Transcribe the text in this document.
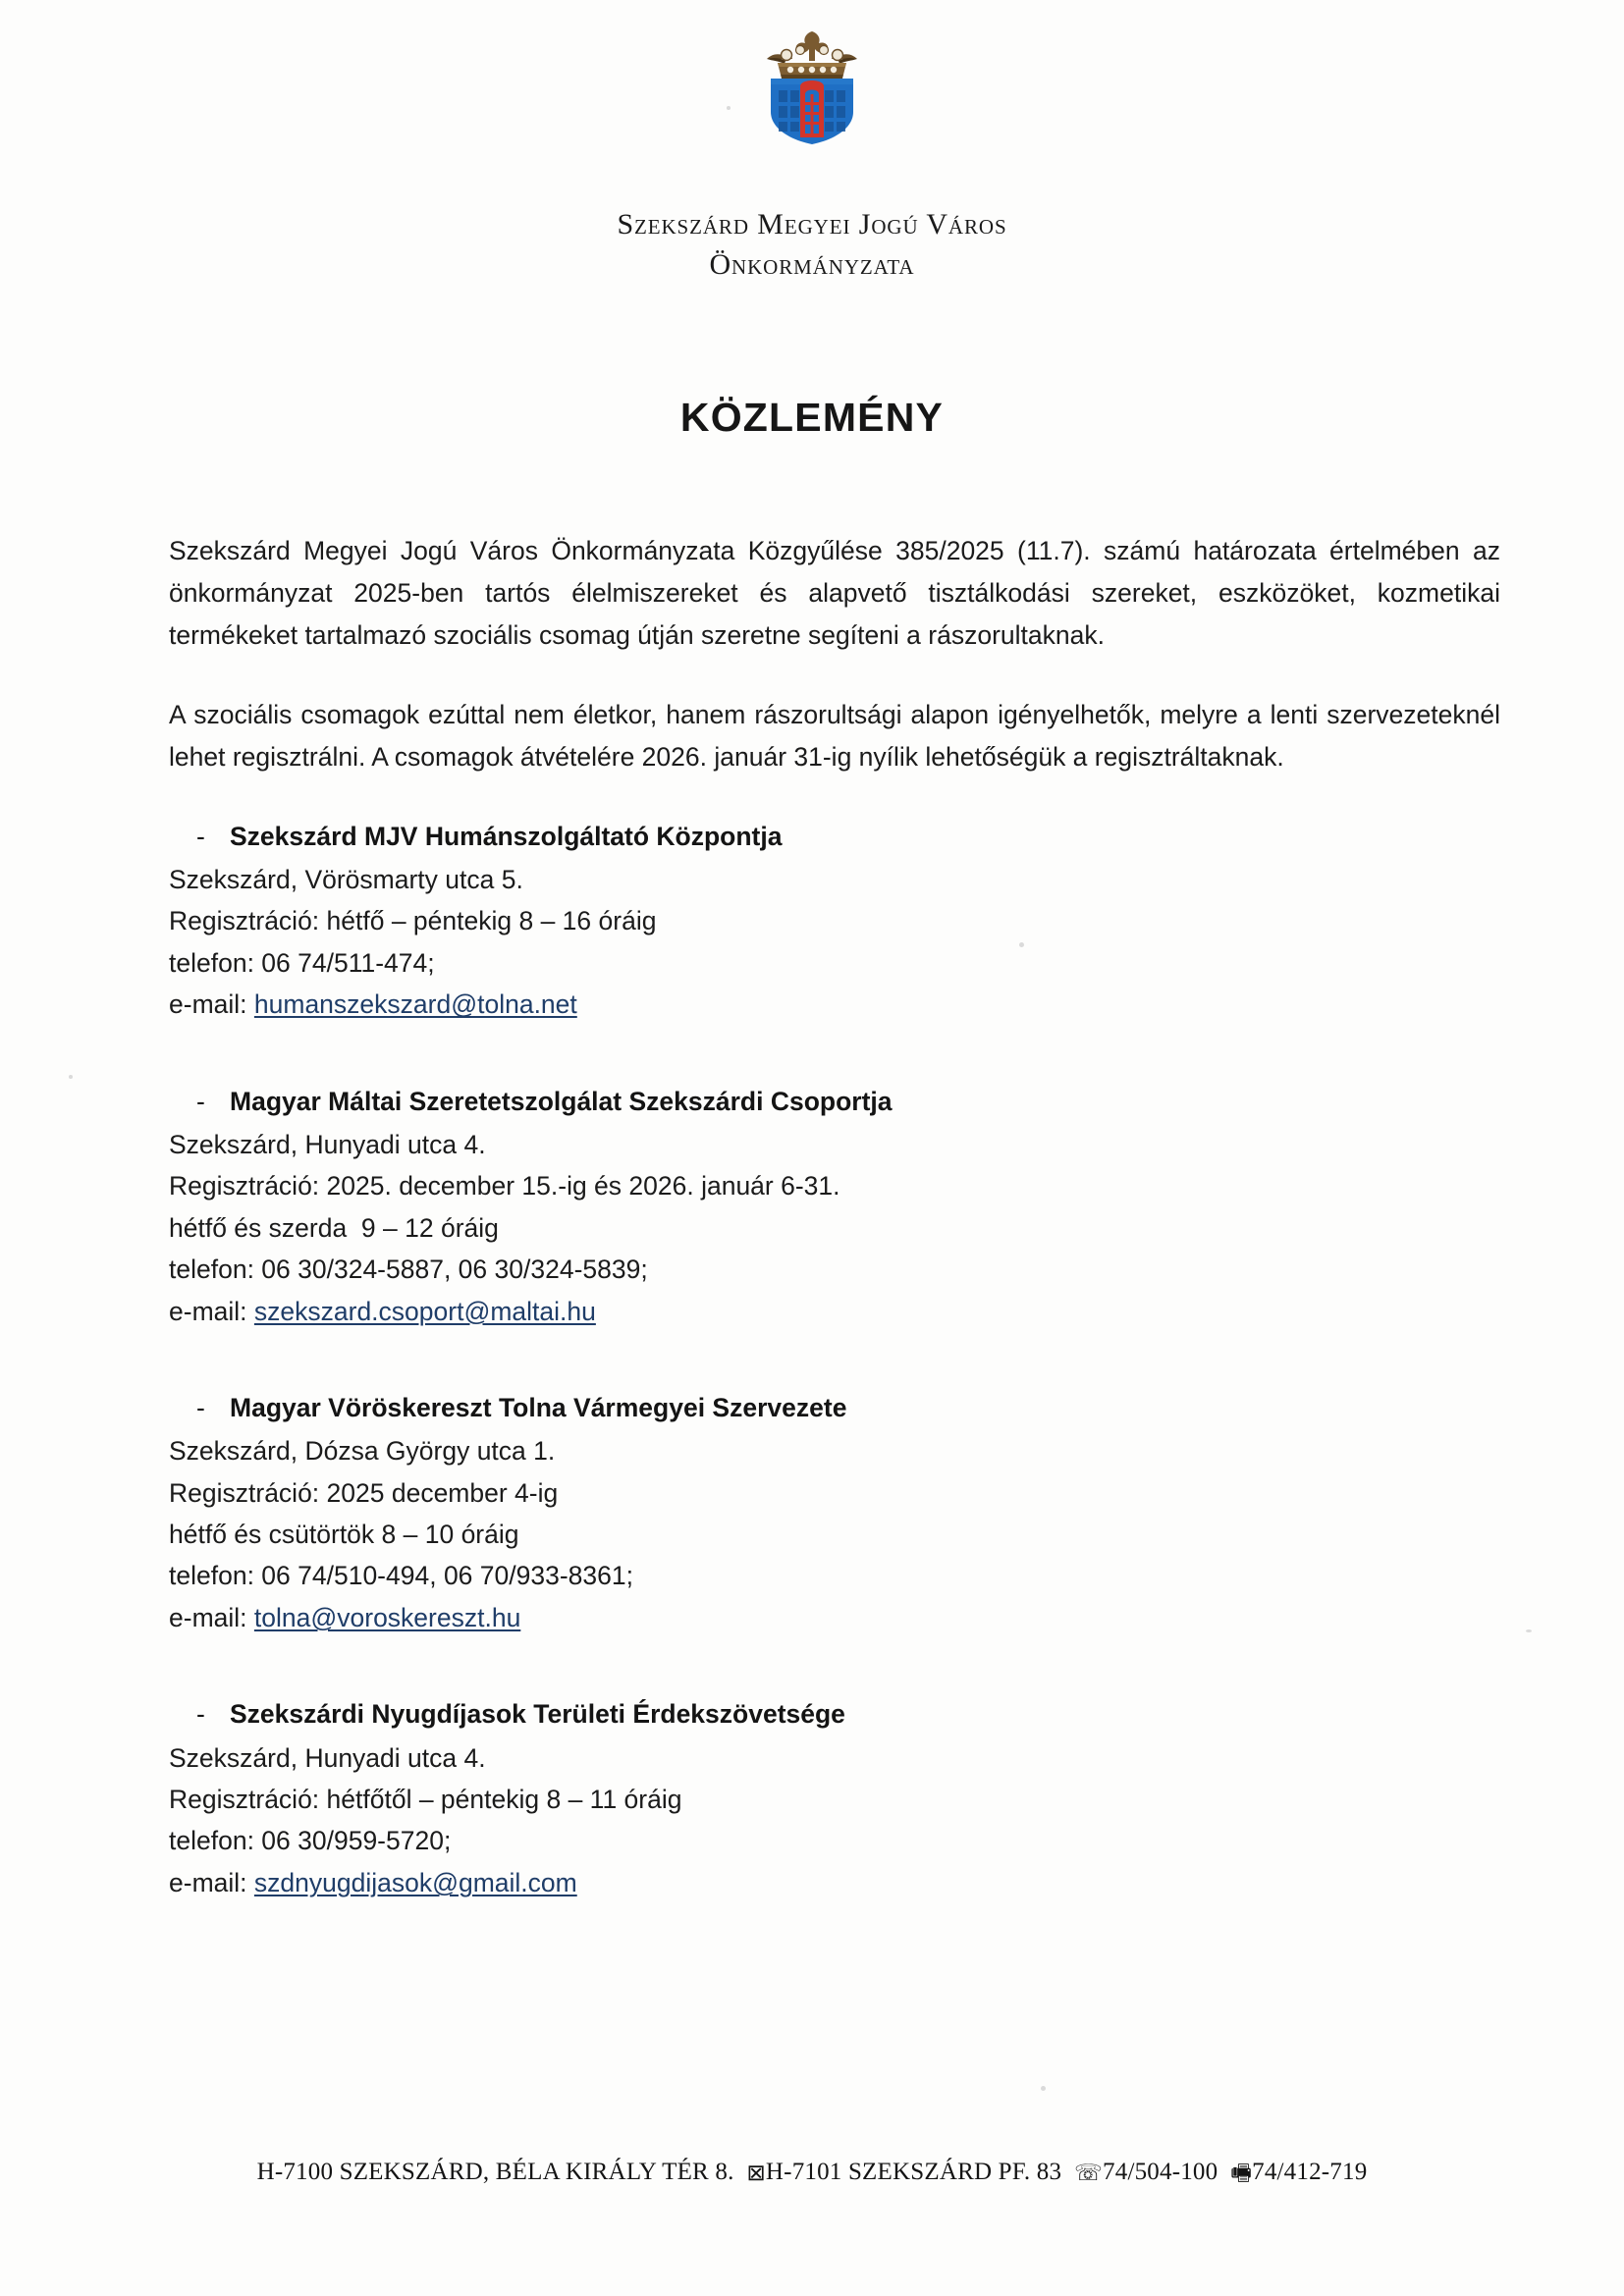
Szekszárd Megyei Jogú Város
Önkormányzata
KÖZLEMÉNY

Szekszárd Megyei Jogú Város Önkormányzata Közgyűlése 385/2025 (11.7). számú határozata értelmében az önkormányzat 2025-ben tartós élelmiszereket és alapvető tisztálkodási szereket, eszközöket, kozmetikai termékeket tartalmazó szociális csomag útján szeretne segíteni a rászorultaknak.

A szociális csomagok ezúttal nem életkor, hanem rászorultsági alapon igényelhetők, melyre a lenti szervezeteknél lehet regisztrálni. A csomagok átvételére 2026. január 31-ig nyílik lehetőségük a regisztráltaknak.

- Szekszárd MJV Humánszolgáltató Központja

Szekszárd, Vörösmarty utca 5.

Regisztráció: hétfő – péntekig 8 – 16 óráig

telefon: 06 74/511-474;

e-mail: humanszekszard@tolna.net

- Magyar Máltai Szeretetszolgálat Szekszárdi Csoportja

Szekszárd, Hunyadi utca 4.

Regisztráció: 2025. december 15.-ig és 2026. január 6-31.

hétfő és szerda  9 – 12 óráig

telefon: 06 30/324-5887, 06 30/324-5839;

e-mail: szekszard.csoport@maltai.hu

- Magyar Vöröskereszt Tolna Vármegyei Szervezete

Szekszárd, Dózsa György utca 1.

Regisztráció: 2025 december 4-ig

hétfő és csütörtök 8 – 10 óráig

telefon: 06 74/510-494, 06 70/933-8361;

e-mail: tolna@voroskereszt.hu

- Szekszárdi Nyugdíjasok Területi Érdekszövetsége

Szekszárd, Hunyadi utca 4.

Regisztráció: hétfőtől – péntekig 8 – 11 óráig

telefon: 06 30/959-5720;

e-mail: szdnyugdijasok@gmail.com

H-7100 SZEKSZÁRD, BÉLA KIRÁLY TÉR 8.  ⊠H-7101 SZEKSZÁRD PF. 83  ☏74/504-100  🖷74/412-719
